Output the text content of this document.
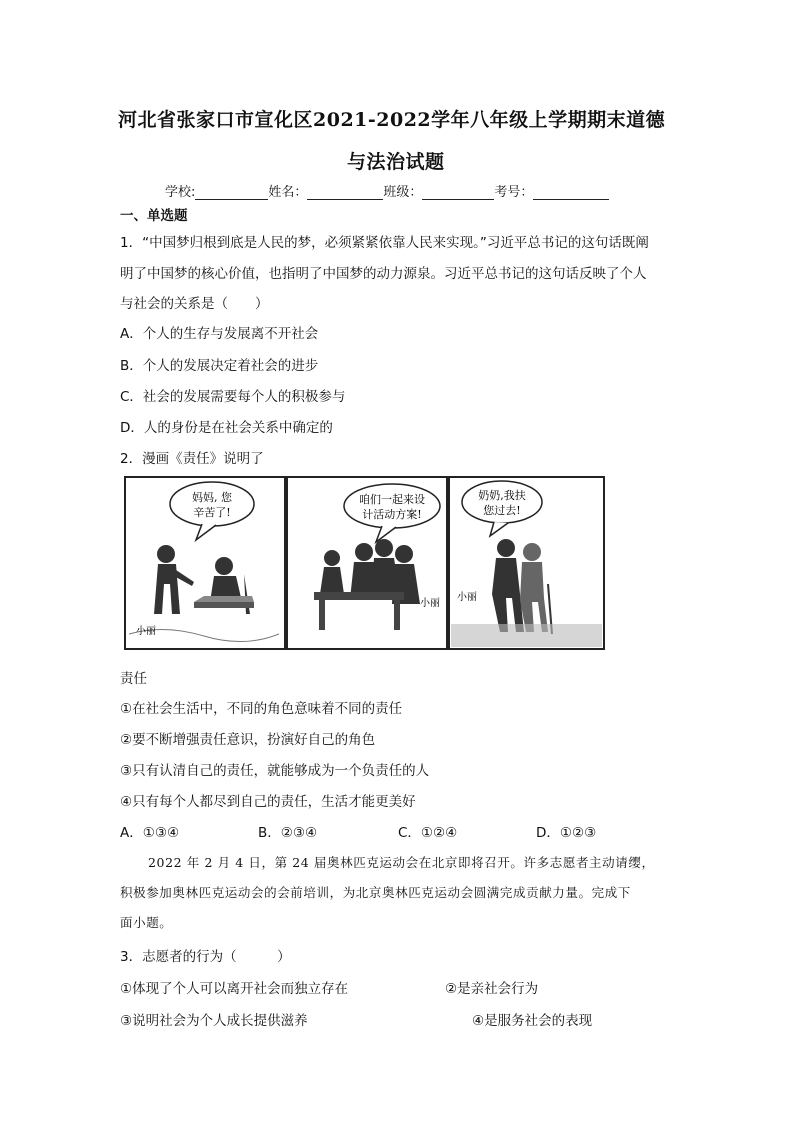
河北省张家口市宣化区2021-2022学年八年级上学期期末道德
与法治试题
学校:	姓名：	班级：	考号：
一、单选题
1．“中国梦归根到底是人民的梦，必须紧紧依靠人民来实现。”习近平总书记的这句话既阐
明了中国梦的核心价值，也指明了中国梦的动力源泉。习近平总书记的这句话反映了个人
与社会的关系是（　　）
A．个人的生存与发展离不开社会
B．个人的发展决定着社会的进步
C．社会的发展需要每个人的积极参与
D．人的身份是在社会关系中确定的
2．漫画《责任》说明了
妈妈, 您
辛苦了!
小丽
咱们一起来设
计活动方案!
小丽
奶奶,我扶
您过去!
小丽
责任
①在社会生活中，不同的角色意味着不同的责任
②要不断增强责任意识，扮演好自己的角色
③只有认清自己的责任，就能够成为一个负责任的人
④只有每个人都尽到自己的责任，生活才能更美好
A．①③④	B．②③④	C．①②④	D．①②③
2022 年 2 月 4 日，第 24 届奥林匹克运动会在北京即将召开。许多志愿者主动请缨，
积极参加奥林匹克运动会的会前培训，为北京奥林匹克运动会圆满完成贡献力量。完成下
面小题。
3．志愿者的行为（　　　）
①体现了个人可以离开社会而独立存在	②是亲社会行为
③说明社会为个人成长提供滋养	④是服务社会的表现
